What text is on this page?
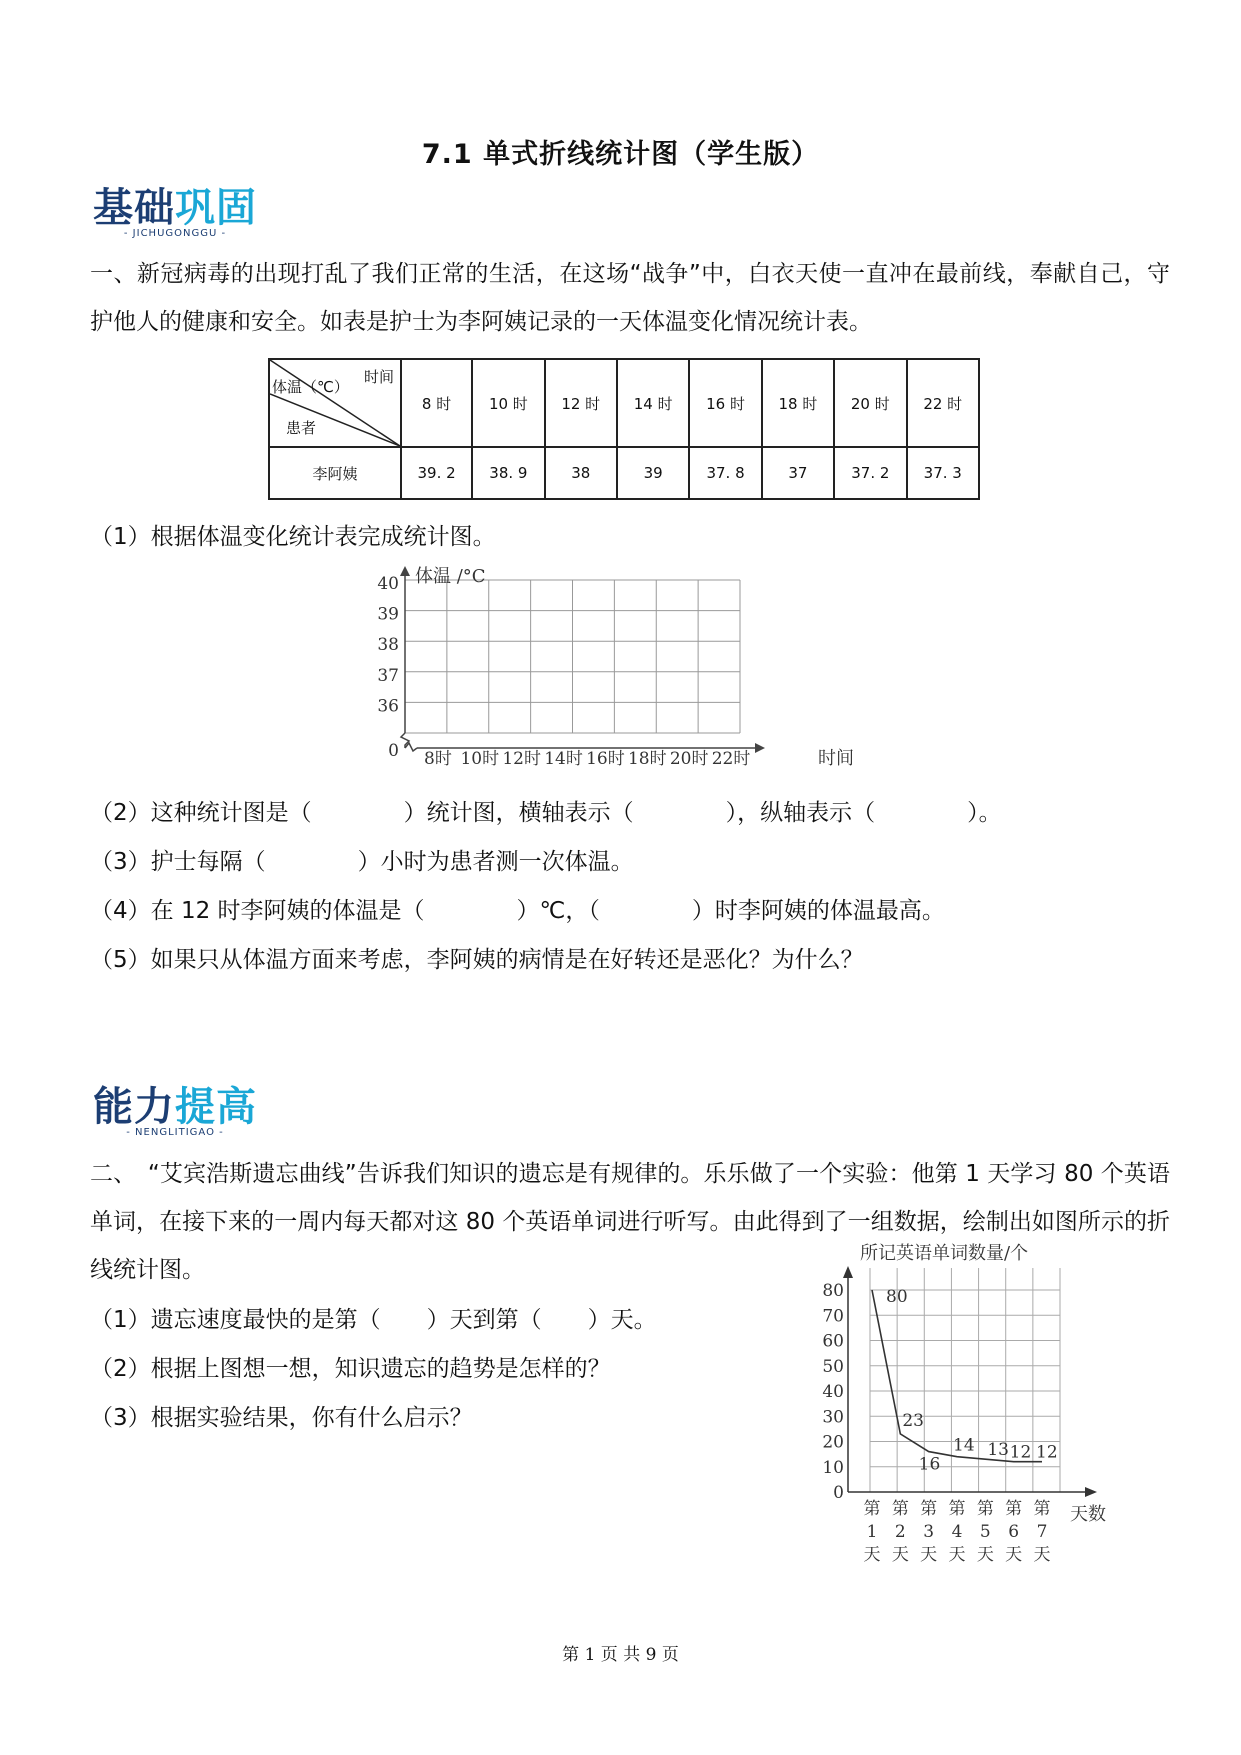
7.1 单式折线统计图（学生版）
基础巩固
- JICHUGONGGU -
一、新冠病毒的出现打乱了我们正常的生活，在这场“战争”中，白衣天使一直冲在最前线，奉献自己，守护他人的健康和安全。如表是护士为李阿姨记录的一天体温变化情况统计表。
体温（℃）
时间
患者	8 时	10 时	12 时	14 时	16 时	18 时	20 时	22 时
李阿姨	39. 2	38. 9	38	39	37. 8	37	37. 2	37. 3
（1）根据体温变化统计表完成统计图。
40
39
38
37
36
0 8时 10时 12时 14时 16时 18时 20时 22时
体温 /°C
时间
（2）这种统计图是（　　　　）统计图，横轴表示（　　　　），纵轴表示（　　　　）。
（3）护士每隔（　　　　）小时为患者测一次体温。
（4）在 12 时李阿姨的体温是（　　　　）℃，（　　　　）时李阿姨的体温最高。
（5）如果只从体温方面来考虑，李阿姨的病情是在好转还是恶化？为什么？
能力提高
- NENGLITIGAO -
二、　“艾宾浩斯遗忘曲线”告诉我们知识的遗忘是有规律的。乐乐做了一个实验：他第 1 天学习 80 个英语单词，在接下来的一周内每天都对这 80 个英语单词进行听写。由此得到了一组数据，绘制出如图所示的折线统计图。
（1）遗忘速度最快的是第（　　）天到第（　　）天。
（2）根据上图想一想，知识遗忘的趋势是怎样的？
（3）根据实验结果，你有什么启示？
所记英语单词数量/个
天数
0
10
20
30
40
50
60
70
80
第
1
天
第
2
天
第
3
天
第
4
天
第
5
天
第
6
天
第
7
天
80
23
16
14 13 12 12
第 1 页 共 9 页
